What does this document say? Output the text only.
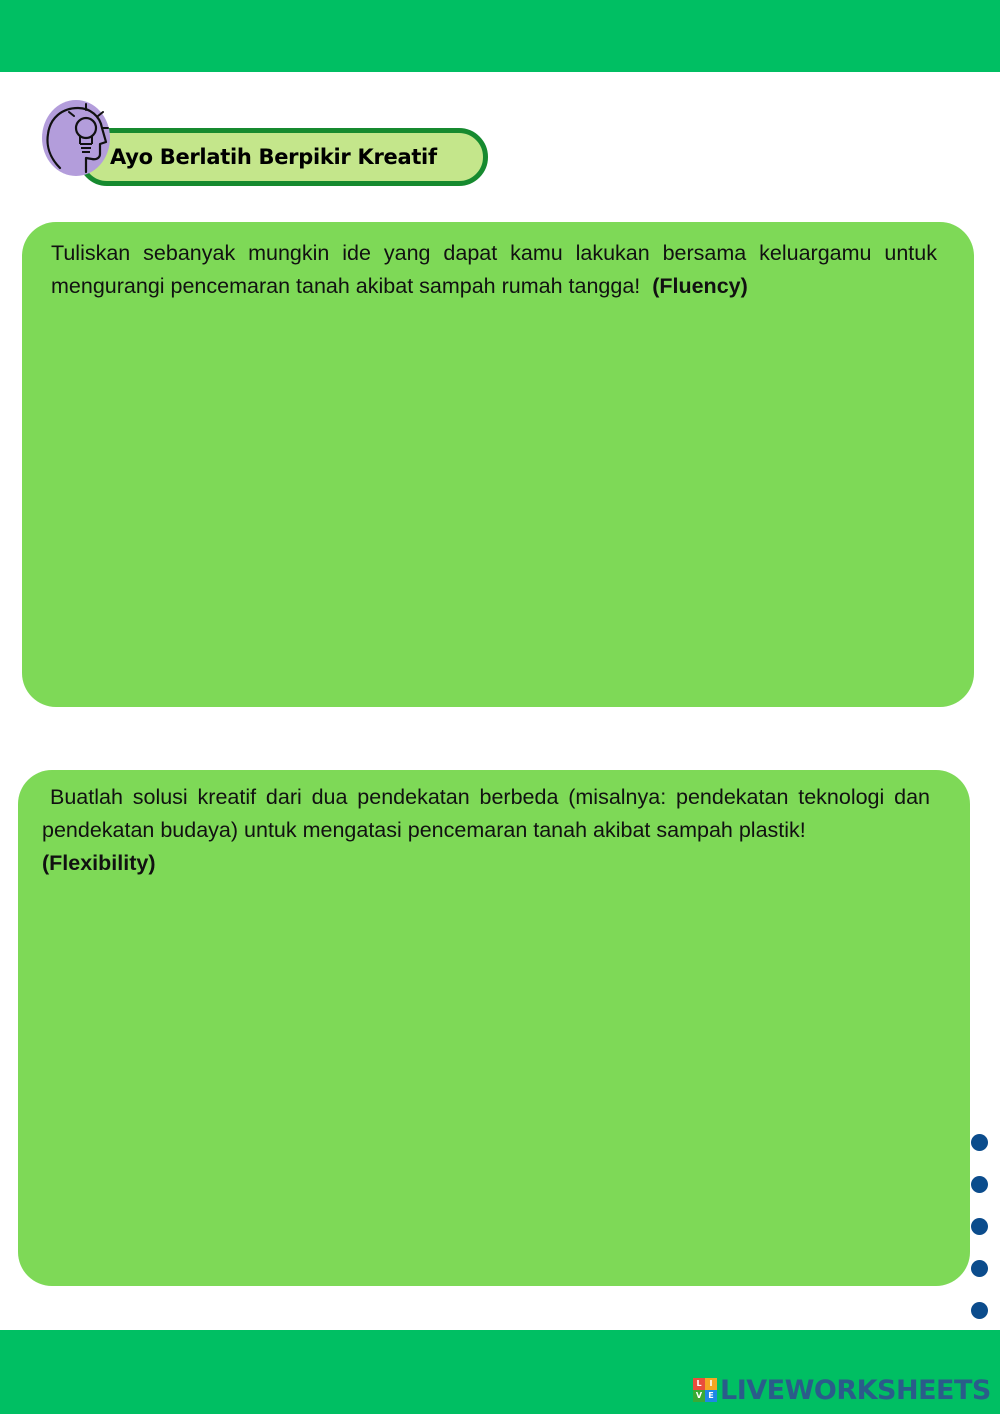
Ayo Berlatih Berpikir Kreatif
Tuliskan sebanyak mungkin ide yang dapat kamu lakukan bersama keluargamu untuk mengurangi pencemaran tanah akibat sampah rumah tangga! (Fluency)
Buatlah solusi kreatif dari dua pendekatan berbeda (misalnya: pendekatan teknologi dan pendekatan budaya) untuk mengatasi pencemaran tanah akibat sampah plastik!
(Flexibility)
L I
V E LIVEWORKSHEETS
